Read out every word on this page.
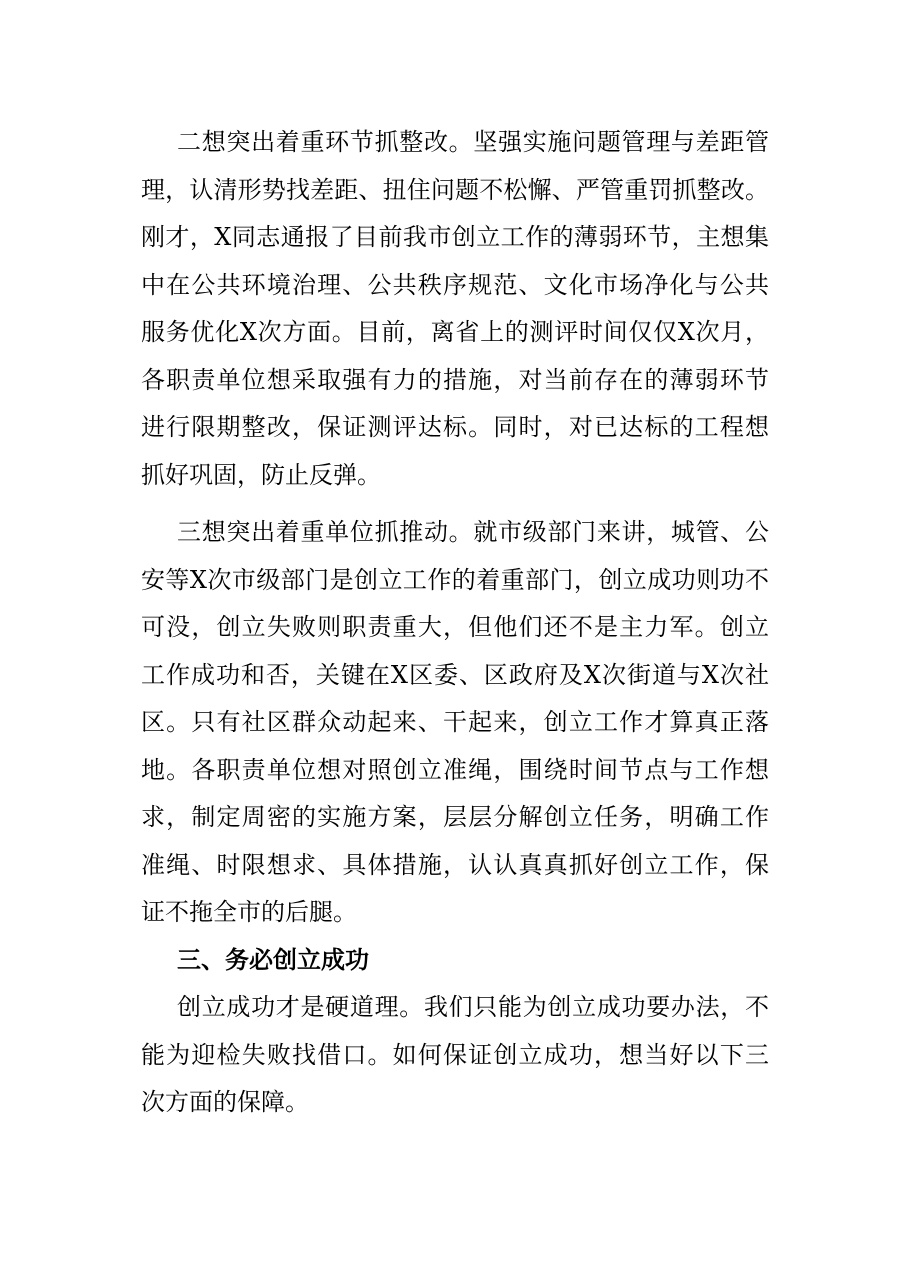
二想突出着重环节抓整改。坚强实施问题管理与差距管
理，认清形势找差距、扭住问题不松懈、严管重罚抓整改。
刚才，X同志通报了目前我市创立工作的薄弱环节，主想集
中在公共环境治理、公共秩序规范、文化市场净化与公共
服务优化X次方面。目前，离省上的测评时间仅仅X次月，
各职责单位想采取强有力的措施，对当前存在的薄弱环节
进行限期整改，保证测评达标。同时，对已达标的工程想
抓好巩固，防止反弹。
三想突出着重单位抓推动。就市级部门来讲，城管、公
安等X次市级部门是创立工作的着重部门，创立成功则功不
可没，创立失败则职责重大，但他们还不是主力军。创立
工作成功和否，关键在X区委、区政府及X次街道与X次社
区。只有社区群众动起来、干起来，创立工作才算真正落
地。各职责单位想对照创立准绳，围绕时间节点与工作想
求，制定周密的实施方案，层层分解创立任务，明确工作
准绳、时限想求、具体措施，认认真真抓好创立工作，保
证不拖全市的后腿。
三、务必创立成功
创立成功才是硬道理。我们只能为创立成功要办法，不
能为迎检失败找借口。如何保证创立成功，想当好以下三
次方面的保障。
